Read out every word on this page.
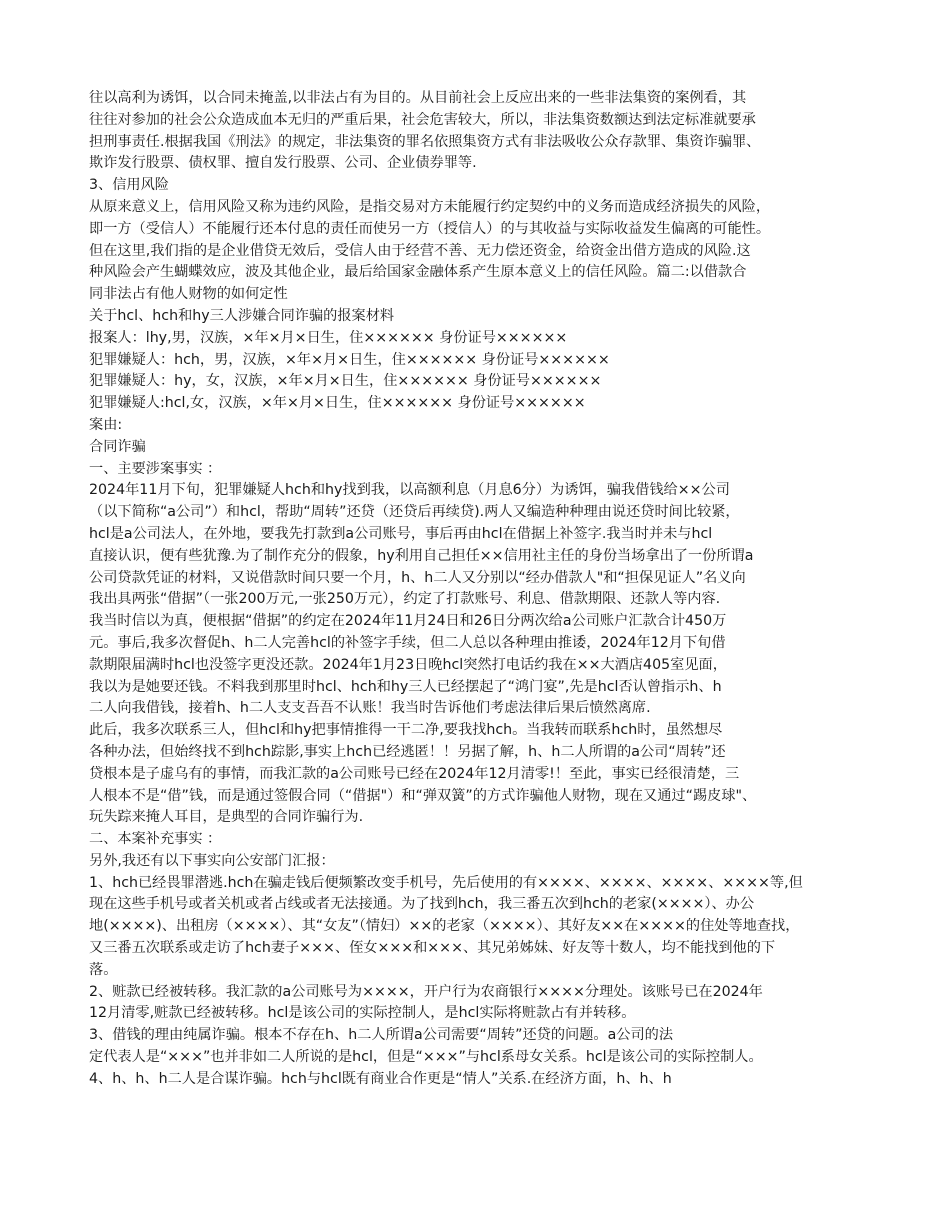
往以高利为诱饵，以合同未掩盖,以非法占有为目的。从目前社会上反应出来的一些非法集资的案例看，其
往往对参加的社会公众造成血本无归的严重后果，社会危害较大，所以，非法集资数额达到法定标准就要承
担刑事责任.根据我国《刑法》的规定，非法集资的罪名依照集资方式有非法吸收公众存款罪、集资诈骗罪、
欺诈发行股票、债权罪、擅自发行股票、公司、企业债券罪等.
3、信用风险
从原来意义上，信用风险又称为违约风险，是指交易对方未能履行约定契约中的义务而造成经济损失的风险，
即一方（受信人）不能履行还本付息的责任而使另一方（授信人）的与其收益与实际收益发生偏离的可能性。
但在这里,我们指的是企业借贷无效后，受信人由于经营不善、无力偿还资金，给资金出借方造成的风险.这
种风险会产生蝴蝶效应，波及其他企业，最后给国家金融体系产生原本意义上的信任风险。篇二:以借款合
同非法占有他人财物的如何定性
关于hcl、hch和hy三人涉嫌合同诈骗的报案材料
报案人：lhy,男，汉族，×年×月×日生，住×××××× 身份证号××××××
犯罪嫌疑人：hch，男，汉族，×年×月×日生，住×××××× 身份证号××××××
犯罪嫌疑人：hy，女，汉族，×年×月×日生，住×××××× 身份证号××××××
犯罪嫌疑人:hcl,女，汉族，×年×月×日生，住×××××× 身份证号××××××
案由:
合同诈骗
一、主要涉案事实 ：
2024年11月下旬，犯罪嫌疑人hch和hy找到我，以高额利息（月息6分）为诱饵，骗我借钱给××公司
（以下简称“a公司”）和hcl，帮助“周转”还贷（还贷后再续贷).两人又编造种种理由说还贷时间比较紧，
hcl是a公司法人，在外地，要我先打款到a公司账号，事后再由hcl在借据上补签字.我当时并未与hcl
直接认识，便有些犹豫.为了制作充分的假象，hy利用自己担任××信用社主任的身份当场拿出了一份所谓a
公司贷款凭证的材料，又说借款时间只要一个月，h、h二人又分别以“经办借款人"和“担保见证人”名义向
我出具两张“借据”（一张200万元,一张250万元），约定了打款账号、利息、借款期限、还款人等内容.
我当时信以为真，便根据“借据”的约定在2024年11月24日和26日分两次给a公司账户汇款合计450万
元。事后,我多次督促h、h二人完善hcl的补签字手续，但二人总以各种理由推诿，2024年12月下旬借
款期限届满时hcl也没签字更没还款。2024年1月23日晚hcl突然打电话约我在××大酒店405室见面，
我以为是她要还钱。不料我到那里时hcl、hch和hy三人已经摆起了“鸿门宴”,先是hcl否认曾指示h、h
二人向我借钱，接着h、h二人支支吾吾不认账！我当时告诉他们考虑法律后果后愤然离席.
此后，我多次联系三人，但hcl和hy把事情推得一干二净,要我找hch。当我转而联系hch时，虽然想尽
各种办法，但始终找不到hch踪影,事实上hch已经逃匿！！另据了解，h、h二人所谓的a公司“周转”还
贷根本是子虚乌有的事情，而我汇款的a公司账号已经在2024年12月清零!！至此，事实已经很清楚，三
人根本不是“借”钱，而是通过签假合同（“借据"）和“弹双簧”的方式诈骗他人财物，现在又通过“踢皮球"、
玩失踪来掩人耳目，是典型的合同诈骗行为.
二、本案补充事实 ：
另外,我还有以下事实向公安部门汇报：
1、hch已经畏罪潜逃.hch在骗走钱后便频繁改变手机号，先后使用的有××××、××××、××××、××××等,但
现在这些手机号或者关机或者占线或者无法接通。为了找到hch，我三番五次到hch的老家(××××）、办公
地(××××)、出租房（××××）、其“女友”（情妇）××的老家（××××）、其好友××在××××的住处等地查找，
又三番五次联系或走访了hch妻子×××、侄女×××和×××、其兄弟姊妹、好友等十数人，均不能找到他的下
落。
2、赃款已经被转移。我汇款的a公司账号为××××，开户行为农商银行××××分理处。该账号已在2024年
12月清零,赃款已经被转移。hcl是该公司的实际控制人，是hcl实际将赃款占有并转移。
3、借钱的理由纯属诈骗。根本不存在h、h二人所谓a公司需要“周转”还贷的问题。a公司的法
定代表人是“×××”也并非如二人所说的是hcl，但是“×××”与hcl系母女关系。hcl是该公司的实际控制人。
4、h、h、h二人是合谋诈骗。hch与hcl既有商业合作更是“情人”关系.在经济方面，h、h、h
